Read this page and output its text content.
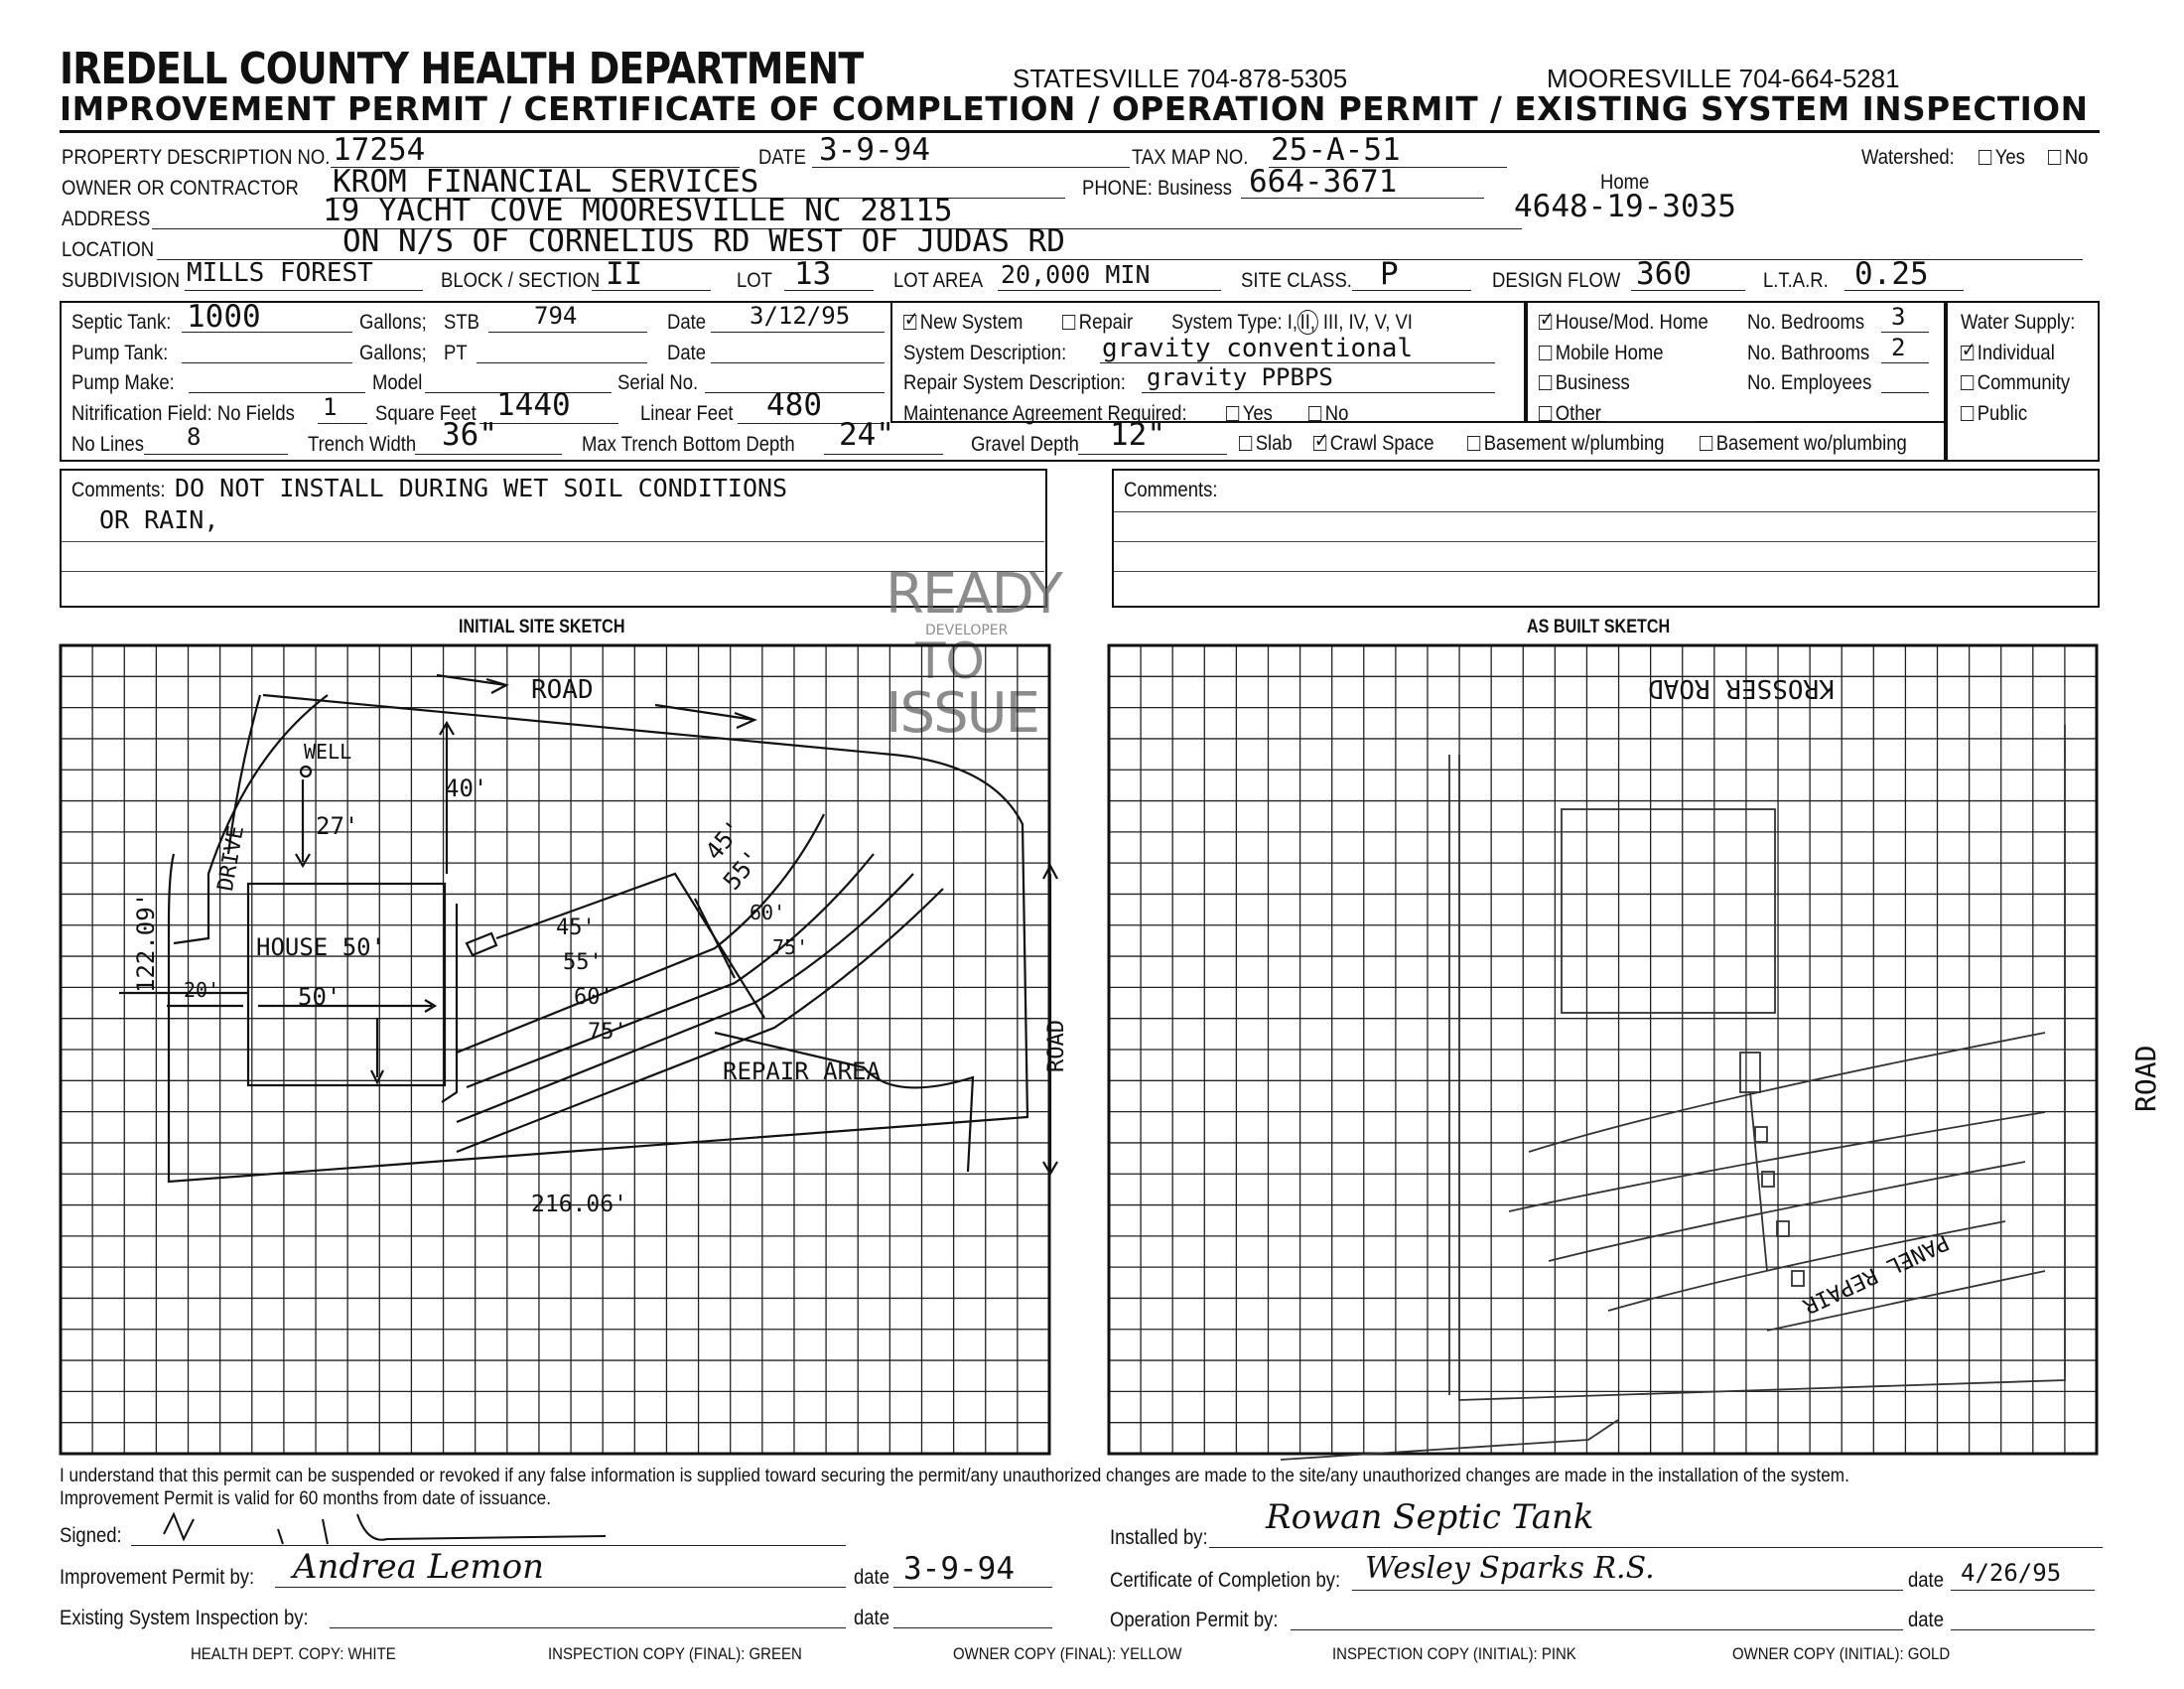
IREDELL COUNTY HEALTH DEPARTMENT	STATESVILLE 704-878-5305	MOORESVILLE 704-664-5281
IMPROVEMENT PERMIT / CERTIFICATE OF COMPLETION / OPERATION PERMIT / EXISTING SYSTEM INSPECTION
PROPERTY DESCRIPTION NO. 17254	DATE 3-9-94	TAX MAP NO. 25-A-51	Watershed:	Yes	No
OWNER OR CONTRACTOR KROM FINANCIAL SERVICES	PHONE: Business 664-3671	Home
ADDRESS	19 YACHT COVE MOORESVILLE NC 28115	4648-19-3035
LOCATION	ON N/S OF CORNELIUS RD WEST OF JUDAS RD
SUBDIVISION MILLS FOREST	BLOCK / SECTION II	LOT 13	LOT AREA 20,000 MIN	SITE CLASS. P	DESIGN FLOW 360	L.T.A.R. 0.25
Septic Tank: 1000	Gallons; STB 794	Date 3/12/95
Pump Tank:	Gallons; PT	Date
Pump Make:	Model	Serial No.
Nitrification Field: No Fields 1 Square Feet 1440	Linear Feet 480
No Lines 8	Trench Width 36"	Max Trench Bottom Depth 24"	Gravel Depth 12"
✓New System	Repair System Type: I, II, III, IV, V, VI
System Description: gravity conventional
Repair System Description: gravity PPBPS
Maintenance Agreement Required:	Yes	No
Slab
✓	Crawl Space	Basement w/plumbing	Basement wo/plumbing
✓House/Mod. Home
Mobile Home
Business
Other
No. Bedrooms 3
No. Bathrooms 2
No. Employees
Water Supply:
✓Individual
Community
Public
Comments: DO NOT INSTALL DURING WET SOIL CONDITIONS
OR RAIN,
Comments:
READY
DEVELOPER
TO
ISSUE
INITIAL SITE SKETCH	AS BUILT SKETCH
ROAD
WELL
27'
40'
DRIVE
122.09'	HOUSE 50'
20'	50'
45'
55'
60'
75'
45'
55'
60'
75'
REPAIR AREA	ROAD
216.06'
KROSSER ROAD
ROAD
PANEL REPAIR
I understand that this permit can be suspended or revoked if any false information is supplied toward securing the permit/any unauthorized changes are made to the site/any unauthorized changes are made in the installation of the system.
Improvement Permit is valid for 60 months from date of issuance.
Signed:
Improvement Permit by: Andrea Lemon	date 3-9-94
Existing System Inspection by:	date
Installed by:
Rowan Septic Tank
Certificate of Completion by: Wesley Sparks R.S.	date 4/26/95
Operation Permit by:	date
HEALTH DEPT. COPY: WHITE	INSPECTION COPY (FINAL): GREEN	OWNER COPY (FINAL): YELLOW	INSPECTION COPY (INITIAL): PINK	OWNER COPY (INITIAL): GOLD
